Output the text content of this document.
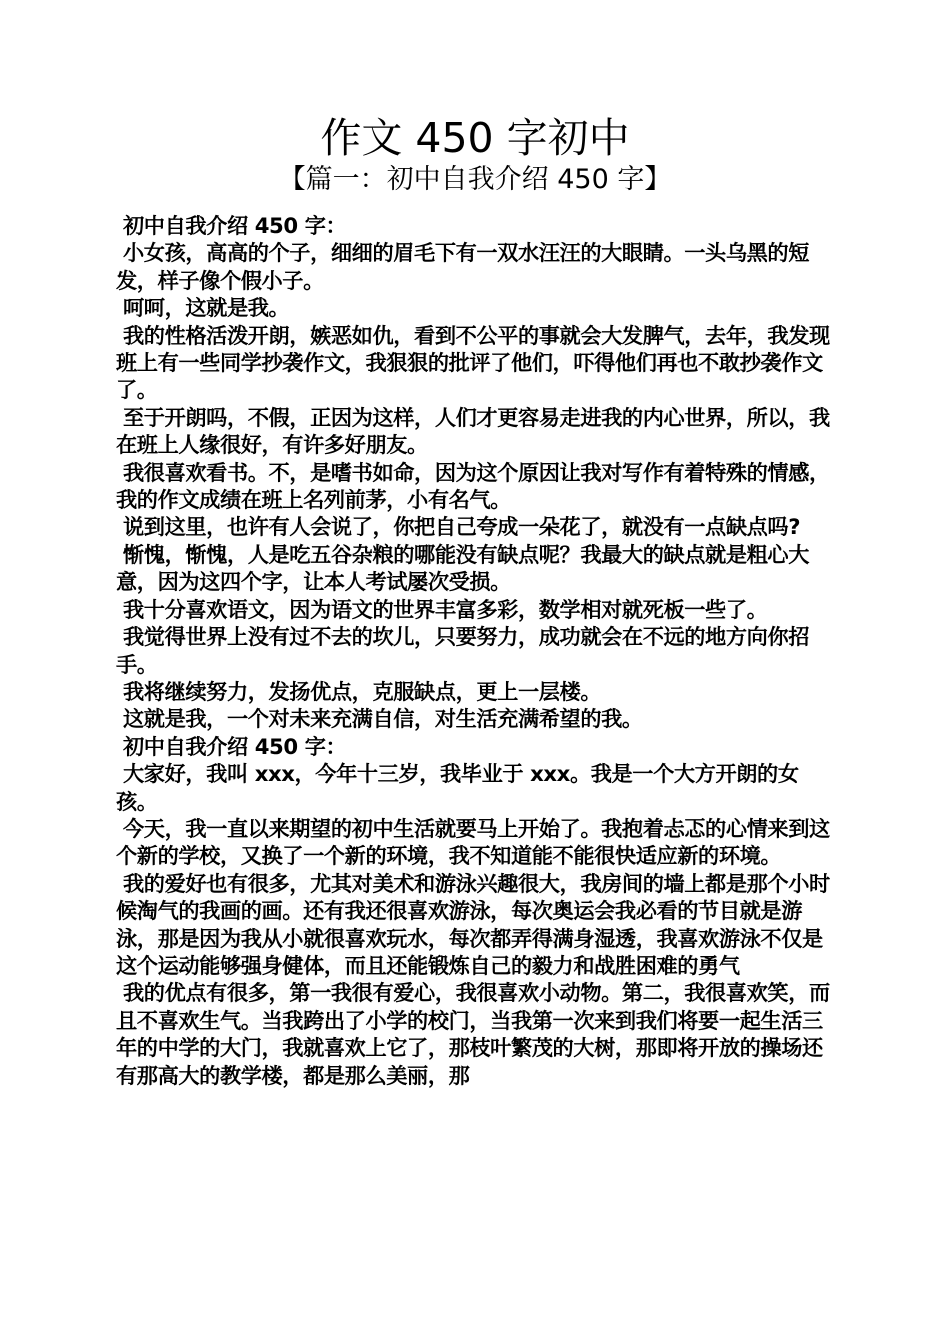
作文 450 字初中
【篇一：初中自我介绍 450 字】

初中自我介绍 450 字：

小女孩，高高的个子，细细的眉毛下有一双水汪汪的大眼睛。一头乌黑的短发，样子像个假小子。

呵呵，这就是我。

我的性格活泼开朗，嫉恶如仇，看到不公平的事就会大发脾气，去年，我发现班上有一些同学抄袭作文，我狠狠的批评了他们，吓得他们再也不敢抄袭作文了。

至于开朗吗，不假，正因为这样，人们才更容易走进我的内心世界，所以，我在班上人缘很好，有许多好朋友。

我很喜欢看书。不，是嗜书如命，因为这个原因让我对写作有着特殊的情感，我的作文成绩在班上名列前茅，小有名气。

说到这里，也许有人会说了，你把自己夸成一朵花了，就没有一点缺点吗?

惭愧，惭愧，人是吃五谷杂粮的哪能没有缺点呢？我最大的缺点就是粗心大意，因为这四个字，让本人考试屡次受损。

我十分喜欢语文，因为语文的世界丰富多彩，数学相对就死板一些了。

我觉得世界上没有过不去的坎儿，只要努力，成功就会在不远的地方向你招手。

我将继续努力，发扬优点，克服缺点，更上一层楼。

这就是我，一个对未来充满自信，对生活充满希望的我。

初中自我介绍 450 字：

大家好，我叫 xxx，今年十三岁，我毕业于 xxx。我是一个大方开朗的女孩。

今天，我一直以来期望的初中生活就要马上开始了。我抱着忐忑的心情来到这个新的学校，又换了一个新的环境，我不知道能不能很快适应新的环境。

我的爱好也有很多，尤其对美术和游泳兴趣很大，我房间的墙上都是那个小时候淘气的我画的画。还有我还很喜欢游泳，每次奥运会我必看的节目就是游泳，那是因为我从小就很喜欢玩水，每次都弄得满身湿透，我喜欢游泳不仅是这个运动能够强身健体，而且还能锻炼自己的毅力和战胜困难的勇气

我的优点有很多，第一我很有爱心，我很喜欢小动物。第二，我很喜欢笑，而且不喜欢生气。当我跨出了小学的校门，当我第一次来到我们将要一起生活三年的中学的大门，我就喜欢上它了，那枝叶繁茂的大树，那即将开放的操场还有那高大的教学楼，都是那么美丽，那
